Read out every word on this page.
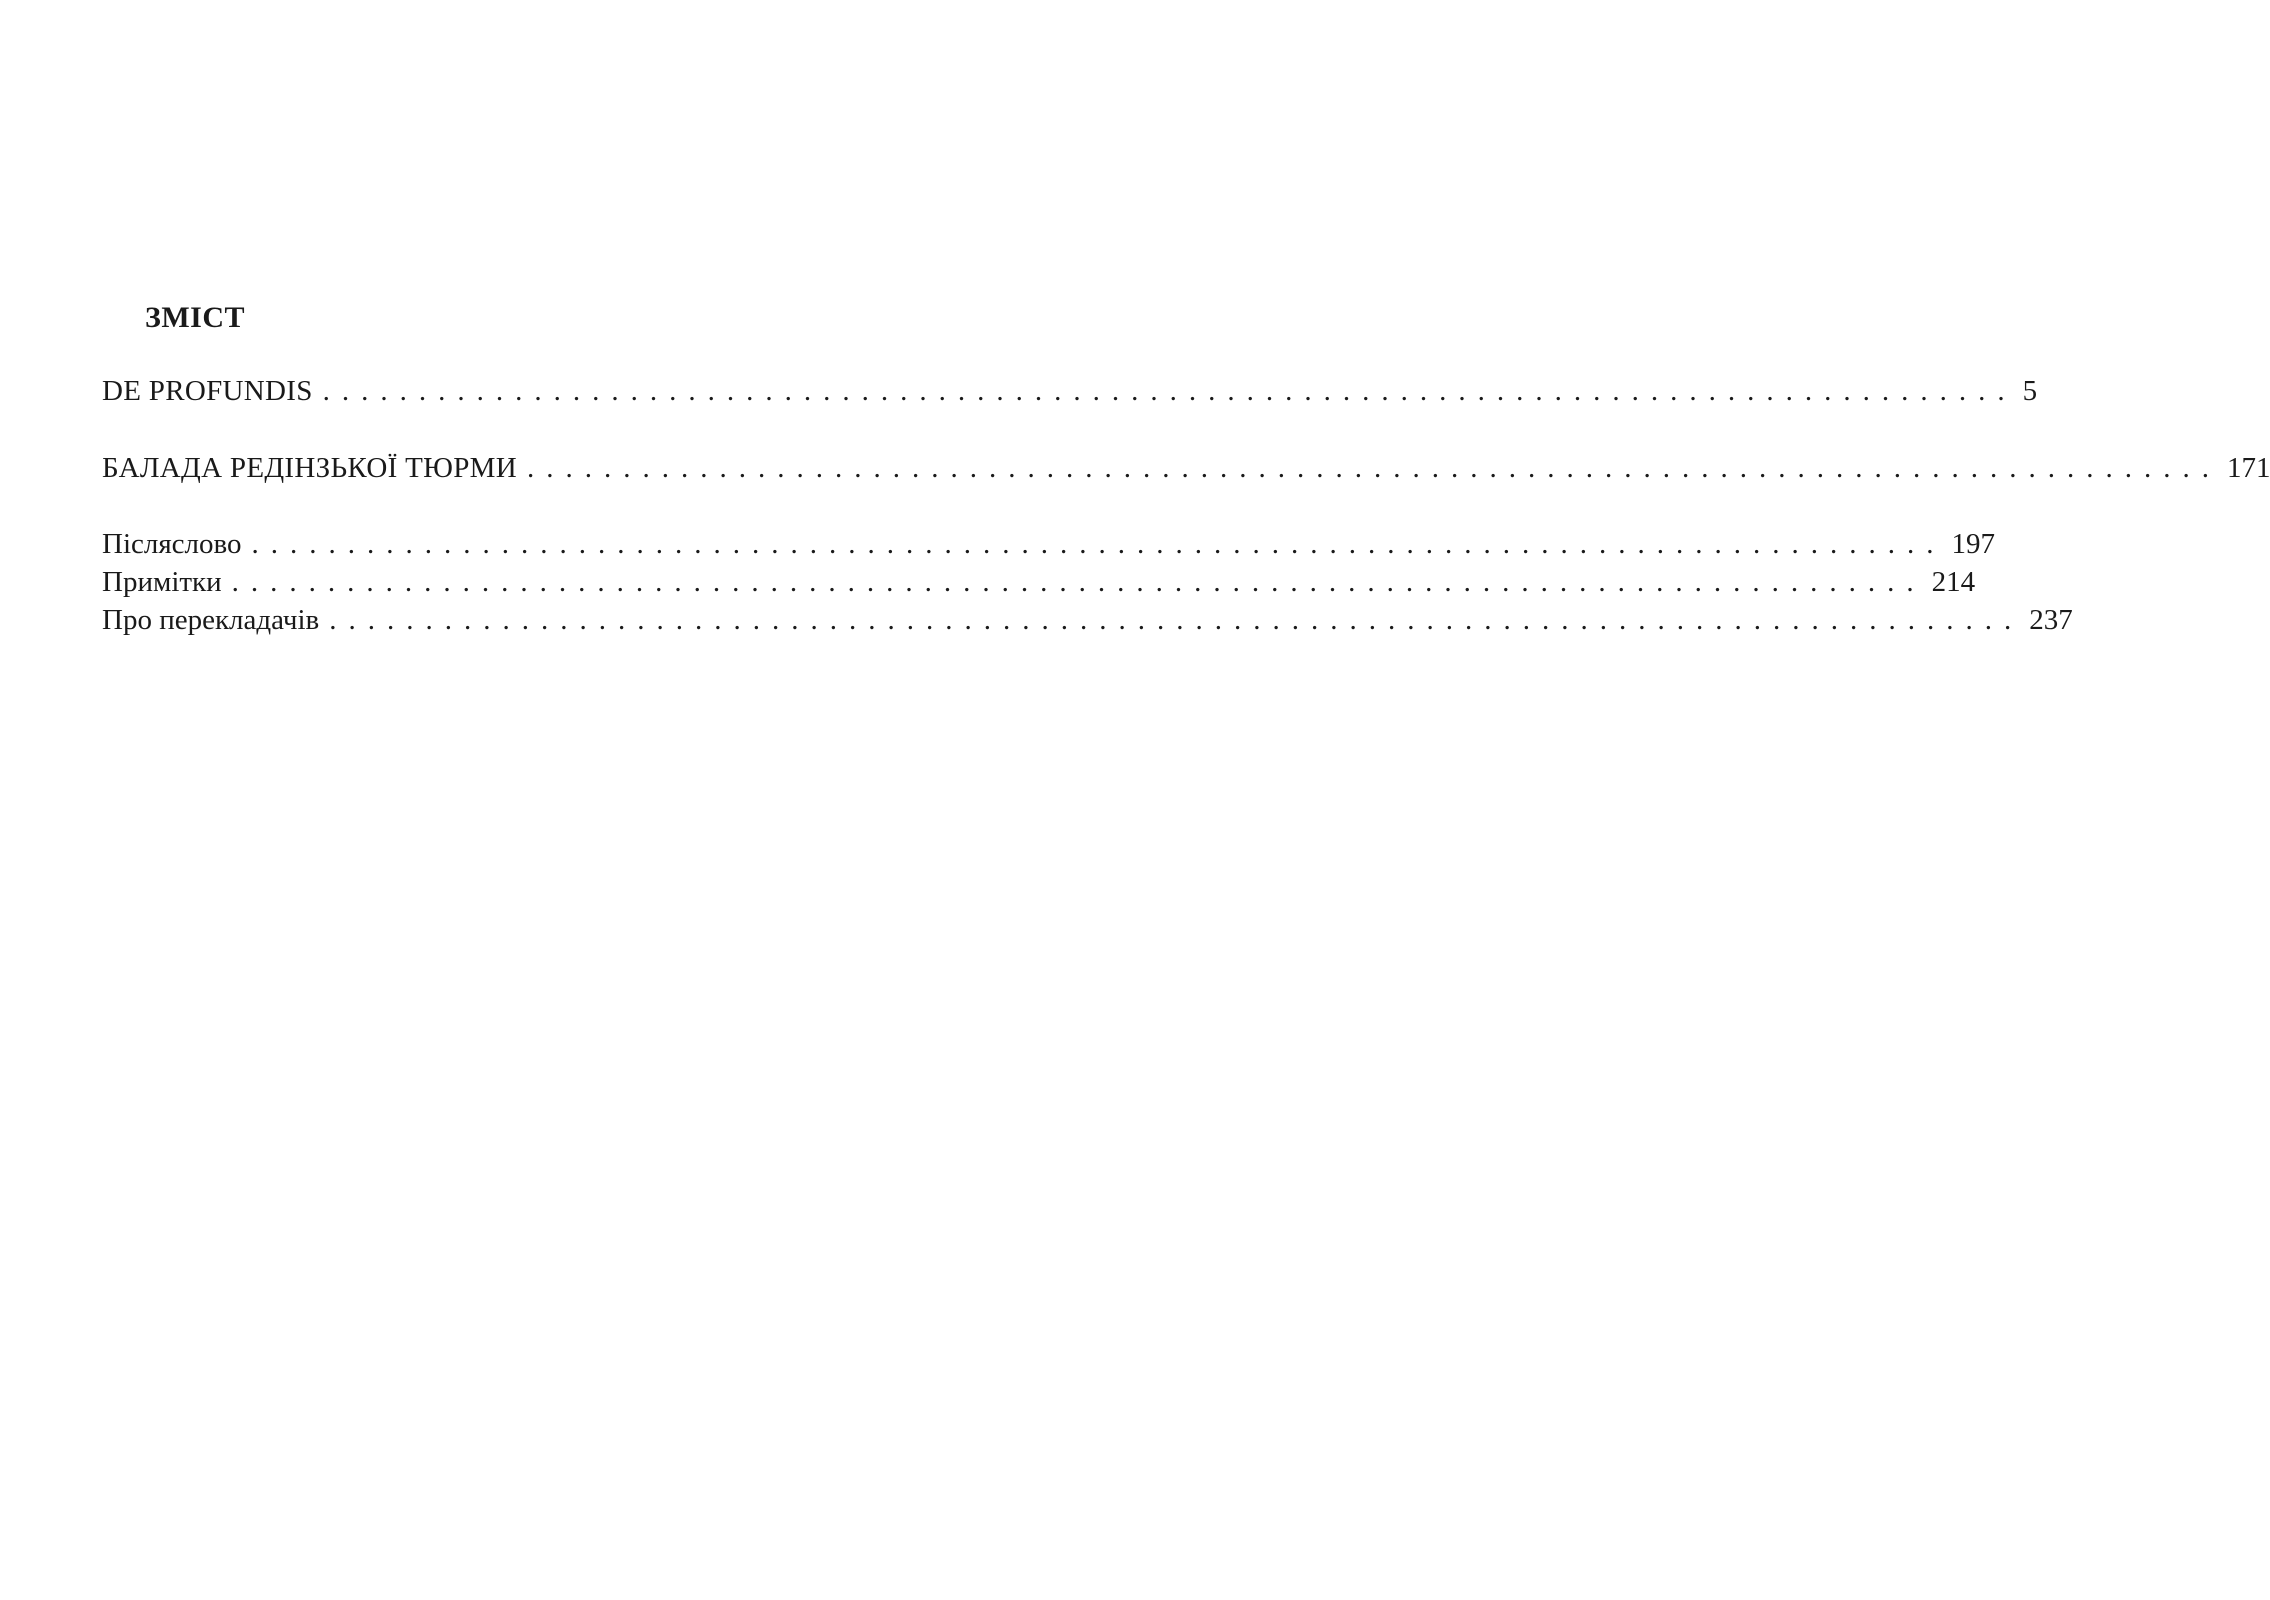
ЗМІСТ
DE PROFUNDIS ........................................................................................ 5
БАЛАДА РЕДІНЗЬКОЇ ТЮРМИ ........................................................................................ 171
Післяслово ........................................................................................ 197
Примітки ........................................................................................ 214
Про перекладачів ........................................................................................ 237
